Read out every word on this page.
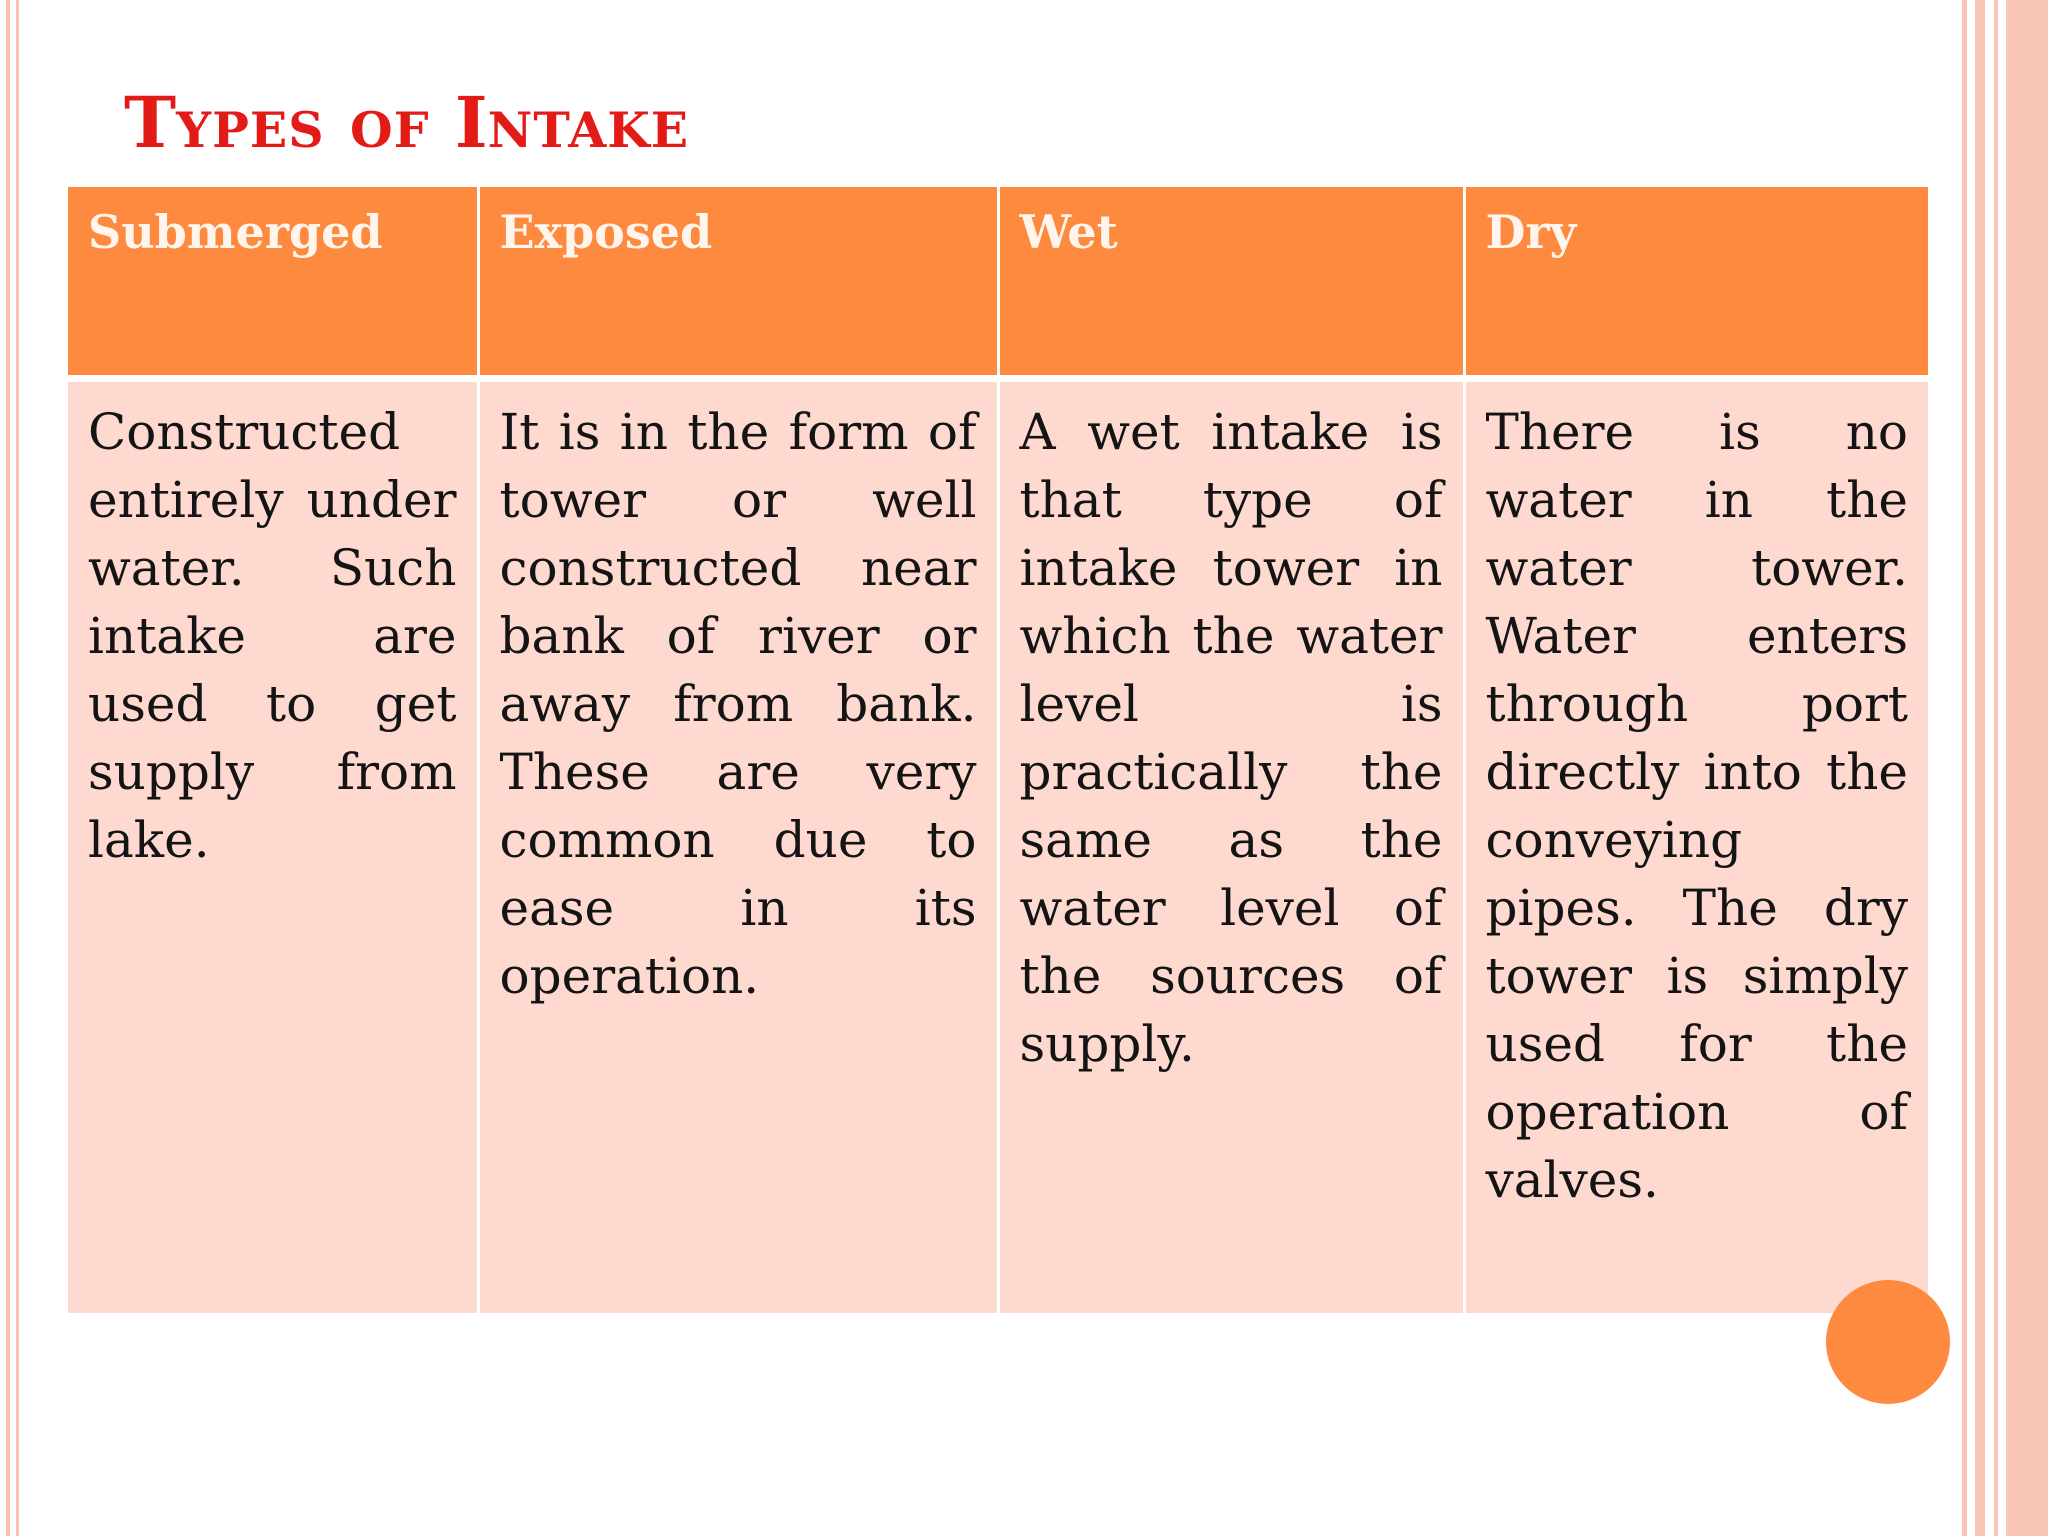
Types of Intake
Submerged	Exposed	Wet	Dry
Constructed entirely under water. Such intake are used to get supply from lake.	It is in the form of tower or well constructed near bank of river or away from bank. These are very common due to ease in its operation.	A wet intake is that type of intake tower in which the water level is practically the same as the water level of the sources of supply.	There is no water in the water tower. Water enters through port directly into the conveying pipes. The dry tower is simply used for the operation of valves.
